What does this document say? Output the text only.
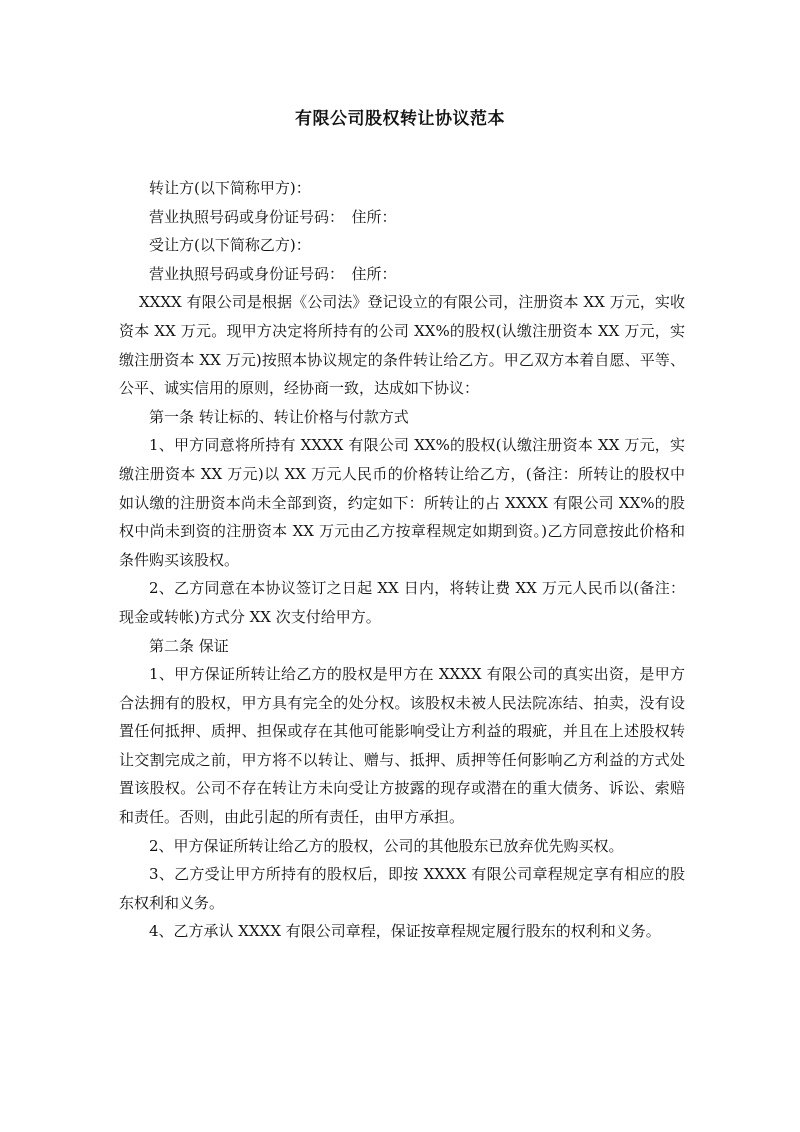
有限公司股权转让协议范本

转让方(以下简称甲方)：

营业执照号码或身份证号码：　住所：

受让方(以下简称乙方)：

营业执照号码或身份证号码：　住所：

XXXX 有限公司是根据《公司法》登记设立的有限公司，注册资本 XX 万元，实收资本 XX 万元。现甲方决定将所持有的公司 XX%的股权(认缴注册资本 XX 万元，实缴注册资本 XX 万元)按照本协议规定的条件转让给乙方。甲乙双方本着自愿、平等、公平、诚实信用的原则，经协商一致，达成如下协议：

第一条 转让标的、转让价格与付款方式

1、甲方同意将所持有 XXXX 有限公司 XX%的股权(认缴注册资本 XX 万元，实缴注册资本 XX 万元)以 XX 万元人民币的价格转让给乙方，(备注：所转让的股权中如认缴的注册资本尚未全部到资，约定如下：所转让的占 XXXX 有限公司 XX%的股权中尚未到资的注册资本 XX 万元由乙方按章程规定如期到资。)乙方同意按此价格和条件购买该股权。

2、乙方同意在本协议签订之日起 XX 日内，将转让费 XX 万元人民币以(备注：现金或转帐)方式分 XX 次支付给甲方。

第二条 保证

1、甲方保证所转让给乙方的股权是甲方在 XXXX 有限公司的真实出资，是甲方合法拥有的股权，甲方具有完全的处分权。该股权未被人民法院冻结、拍卖，没有设置任何抵押、质押、担保或存在其他可能影响受让方利益的瑕疵，并且在上述股权转让交割完成之前，甲方将不以转让、赠与、抵押、质押等任何影响乙方利益的方式处置该股权。公司不存在转让方未向受让方披露的现存或潜在的重大债务、诉讼、索赔和责任。否则，由此引起的所有责任，由甲方承担。

2、甲方保证所转让给乙方的股权，公司的其他股东已放弃优先购买权。

3、乙方受让甲方所持有的股权后，即按 XXXX 有限公司章程规定享有相应的股东权利和义务。

4、乙方承认 XXXX 有限公司章程，保证按章程规定履行股东的权利和义务。
